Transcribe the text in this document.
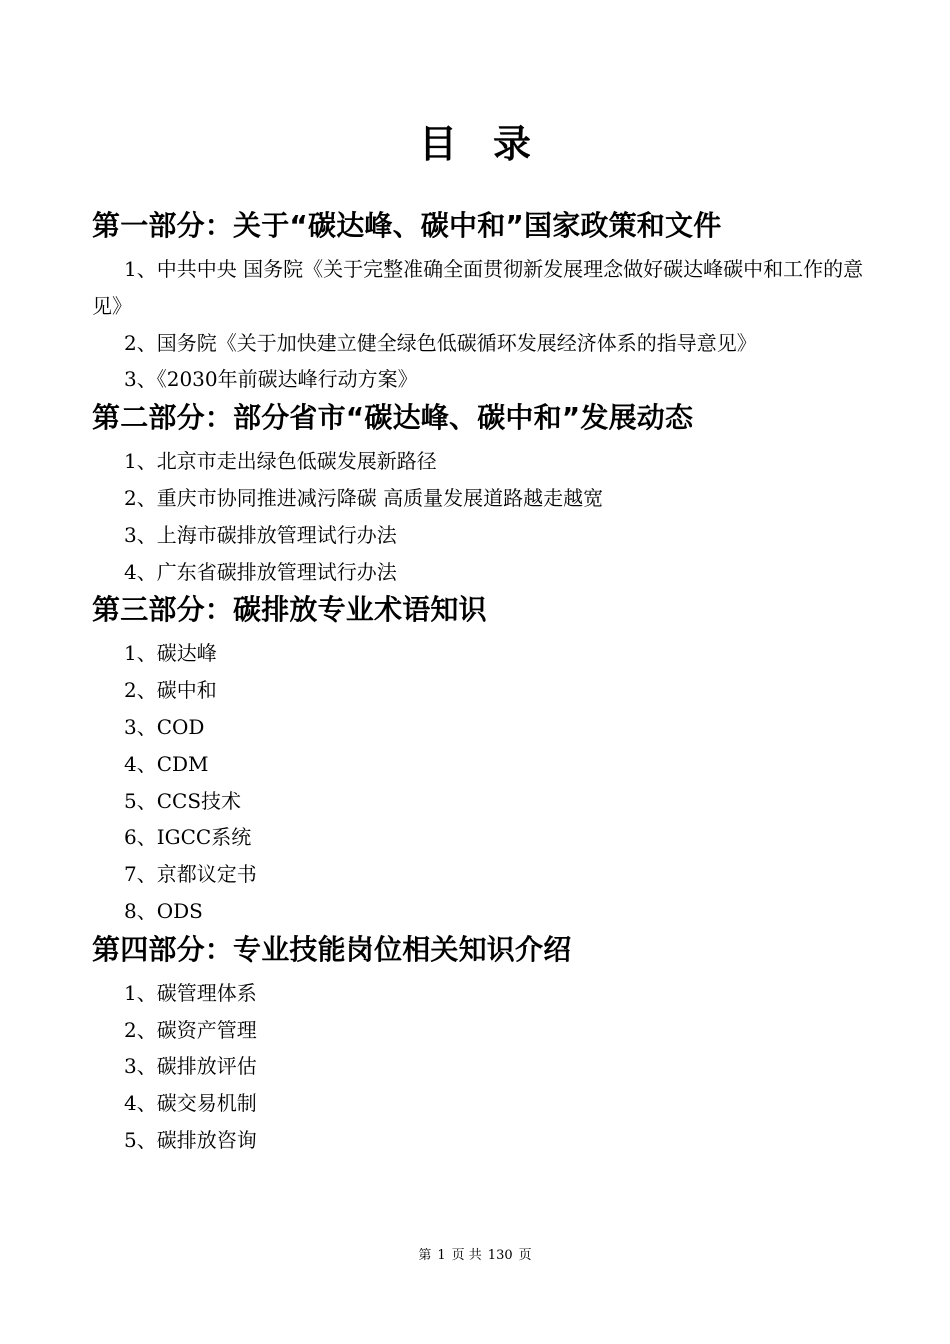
目录
第一部分：关于“碳达峰、碳中和”国家政策和文件

1、中共中央 国务院《关于完整准确全面贯彻新发展理念做好碳达峰碳中和工作的意见》

2、国务院《关于加快建立健全绿色低碳循环发展经济体系的指导意见》

3、《2030年前碳达峰行动方案》

第二部分：部分省市“碳达峰、碳中和”发展动态

1、北京市走出绿色低碳发展新路径

2、重庆市协同推进减污降碳 高质量发展道路越走越宽

3、上海市碳排放管理试行办法

4、广东省碳排放管理试行办法

第三部分：碳排放专业术语知识

1、碳达峰

2、碳中和

3、COD

4、CDM

5、CCS技术

6、IGCC系统

7、京都议定书

8、ODS

第四部分：专业技能岗位相关知识介绍

1、碳管理体系

2、碳资产管理

3、碳排放评估

4、碳交易机制

5、碳排放咨询

第 1 页 共 130 页
